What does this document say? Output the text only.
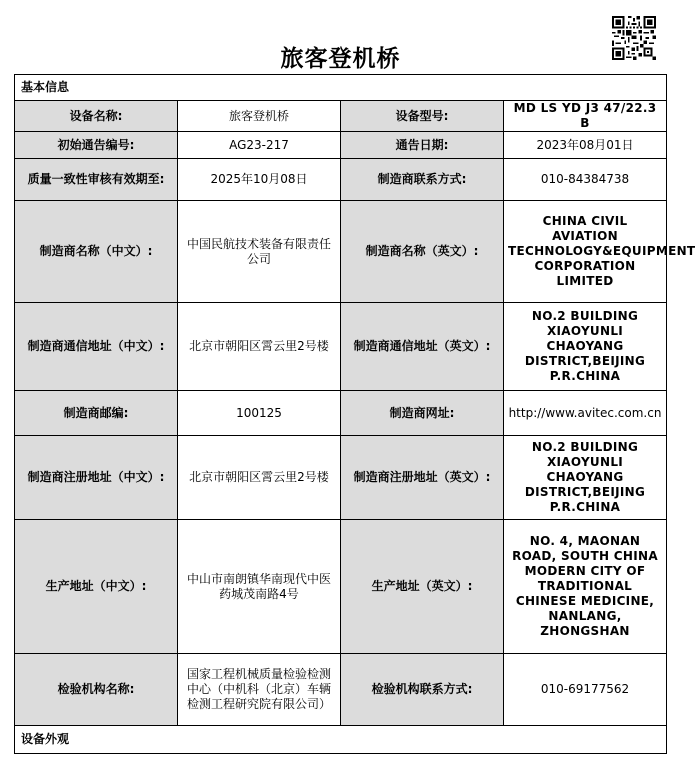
旅客登机桥
基本信息			
设备名称:	旅客登机桥	设备型号:	MD LS YD J3 47/22.3 B
初始通告编号:	AG23-217	通告日期:	2023年08月01日
质量一致性审核有效期至:	2025年10月08日	制造商联系方式:	010-84384738
制造商名称（中文）:	中国民航技术装备有限责任公司	制造商名称（英文）:	CHINA CIVIL AVIATION TECHNOLOGY&EQUIPMENT CORPORATION LIMITED
制造商通信地址（中文）:	北京市朝阳区霄云里2号楼	制造商通信地址（英文）:	NO.2 BUILDING XIAOYUNLI CHAOYANG DISTRICT,BEIJING P.R.CHINA
制造商邮编:	100125	制造商网址:	http://www.avitec.com.cn
制造商注册地址（中文）:	北京市朝阳区霄云里2号楼	制造商注册地址（英文）:	NO.2 BUILDING XIAOYUNLI CHAOYANG DISTRICT,BEIJING P.R.CHINA
生产地址（中文）:	中山市南朗镇华南现代中医药城茂南路4号	生产地址（英文）:	NO. 4, MAONAN ROAD, SOUTH CHINA MODERN CITY OF TRADITIONAL CHINESE MEDICINE, NANLANG, ZHONGSHAN
检验机构名称:	国家工程机械质量检验检测中心（中机科（北京）车辆检测工程研究院有限公司）	检验机构联系方式:	010-69177562
设备外观			
